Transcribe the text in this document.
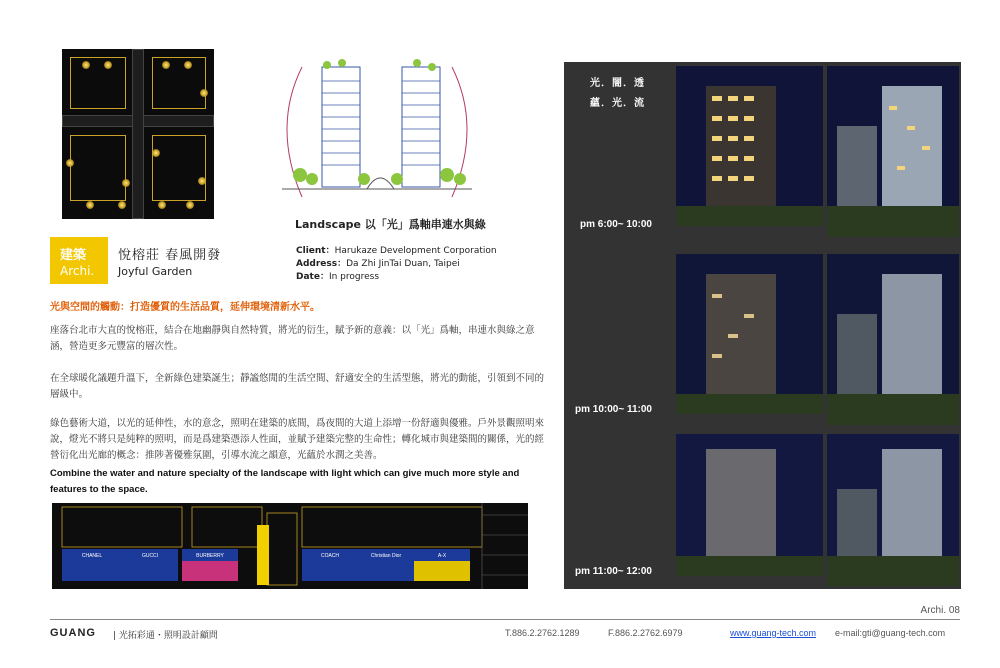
Landscape 以「光」爲軸串連水與綠
建築
Archi.
悅榕莊 春風開發
Joyful Garden
Client：Harukaze Development Corporation
Address：Da Zhi JinTai Duan, Taipei
Date：In progress
光與空間的觸動：打造優質的生活品質，延伸環境清新水平。
座落台北市大直的悅榕莊，結合在地幽靜與自然特質，將光的衍生，賦予新的意義：以「光」爲軸，串連水與綠之意涵，營造更多元豐富的層次性。
在全球暖化議題升溫下，全新綠色建築誕生；靜謐悠閒的生活空間、舒適安全的生活型態，將光的動能，引領到不同的層級中。
綠色藝術大道，以光的延伸性，水的意念，照明在建築的底間，爲夜間的大道上添增一份舒適與優雅。戶外景觀照明來說，燈光不將只是純粹的照明，而是爲建築憑添人性面，並賦予建築完整的生命性；轉化城市與建築間的關係，光的經營衍化出光廊的概念：推陟著優雅氛圍，引導水流之韻意，光蘊於水潤之美善。
Combine the water and nature specialty of the landscape with light which can give much more style and features to the space.
CHANEL	GUCCI	BURBERRY	COACH	Christian Dior	A-X
光．闇．透
蘊．光．流
pm 6:00~ 10:00
pm 10:00~ 11:00
pm 11:00~ 12:00
Archi. 08
GUANG | 光拓彩通・照明設計顧問	T.886.2.2762.1289	F.886.2.2762.6979	www.guang-tech.com e-mail:gti@guang-tech.com
